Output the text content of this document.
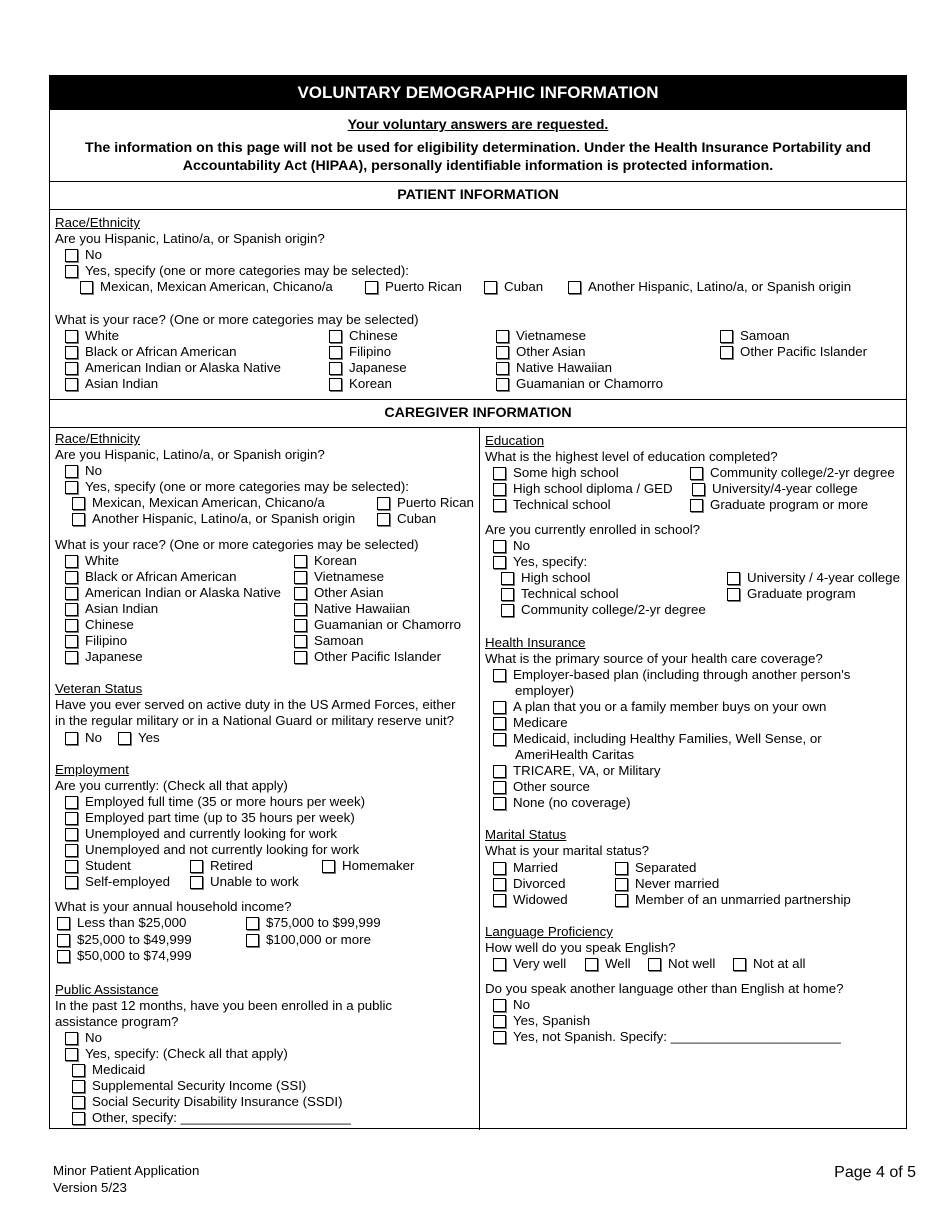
VOLUNTARY DEMOGRAPHIC INFORMATION
Your voluntary answers are requested.
The information on this page will not be used for eligibility determination. Under the Health Insurance Portability and Accountability Act (HIPAA), personally identifiable information is protected information.
PATIENT INFORMATION
Race/Ethnicity
Are you Hispanic, Latino/a, or Spanish origin?
No
Yes, specify (one or more categories may be selected):
Mexican, Mexican American, Chicano/a	Puerto Rican	Cuban	Another Hispanic, Latino/a, or Spanish origin
What is your race? (One or more categories may be selected)
White
Black or African American
American Indian or Alaska Native
Asian Indian
Chinese
Filipino
Japanese
Korean
Vietnamese
Other Asian
Native Hawaiian
Guamanian or Chamorro
Samoan
Other Pacific Islander
CAREGIVER INFORMATION
Race/Ethnicity
Are you Hispanic, Latino/a, or Spanish origin?
No
Yes, specify (one or more categories may be selected):
Mexican, Mexican American, Chicano/a	Puerto Rican
Another Hispanic, Latino/a, or Spanish origin	Cuban
What is your race? (One or more categories may be selected)
White
Black or African American
American Indian or Alaska Native
Asian Indian
Chinese
Filipino
Japanese
Korean
Vietnamese
Other Asian
Native Hawaiian
Guamanian or Chamorro
Samoan
Other Pacific Islander
Veteran Status
Have you ever served on active duty in the US Armed Forces, either
in the regular military or in a National Guard or military reserve unit?
No	Yes
Employment
Are you currently: (Check all that apply)
Employed full time (35 or more hours per week)
Employed part time (up to 35 hours per week)
Unemployed and currently looking for work
Unemployed and not currently looking for work
Student	Retired	Homemaker
Self-employed	Unable to work
What is your annual household income?
Less than $25,000
$25,000 to $49,999
$50,000 to $74,999
$75,000 to $99,999
$100,000 or more
Public Assistance
In the past 12 months, have you been enrolled in a public
assistance program?
No
Yes, specify: (Check all that apply)
Medicaid
Supplemental Security Income (SSI)
Social Security Disability Insurance (SSDI)
Other, specify: _______________________
Education
What is the highest level of education completed?
Some high school
High school diploma / GED
Technical school
Community college/2-yr degree
University/4-year college
Graduate program or more
Are you currently enrolled in school?
No
Yes, specify:
High school
Technical school
Community college/2-yr degree
University / 4-year college
Graduate program
Health Insurance
What is the primary source of your health care coverage?
Employer-based plan (including through another person's
employer)
A plan that you or a family member buys on your own
Medicare
Medicaid, including Healthy Families, Well Sense, or
AmeriHealth Caritas
TRICARE, VA, or Military
Other source
None (no coverage)
Marital Status
What is your marital status?
Married
Divorced
Widowed
Separated
Never married
Member of an unmarried partnership
Language Proficiency
How well do you speak English?
Very well	Well	Not well	Not at all
Do you speak another language other than English at home?
No
Yes, Spanish
Yes, not Spanish. Specify: _______________________
Minor Patient Application
Version 5/23
Page 4 of 5
